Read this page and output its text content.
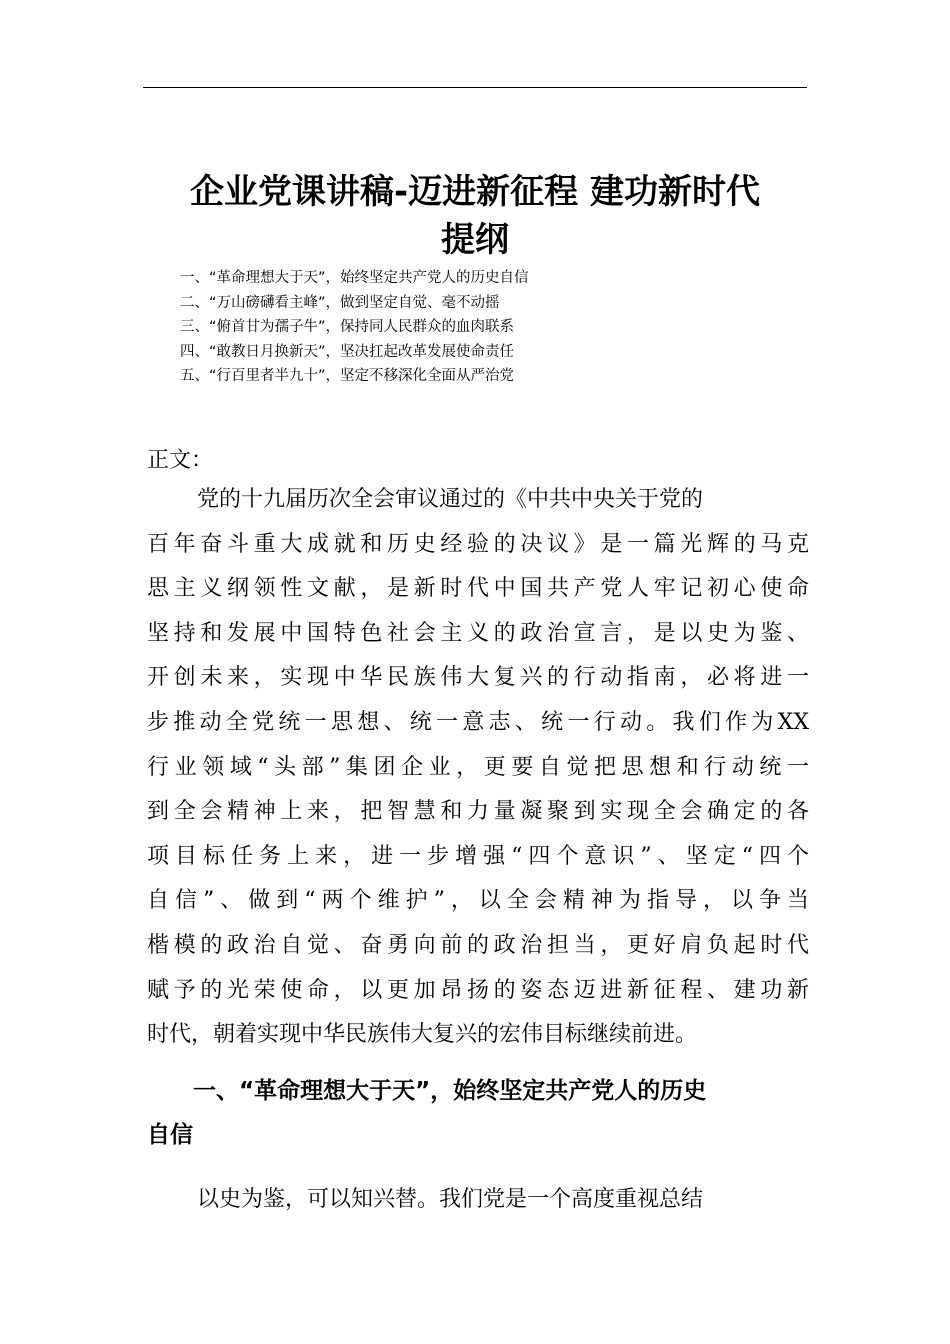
企业党课讲稿-迈进新征程 建功新时代
提纲
一、“革命理想大于天”，始终坚定共产党人的历史自信
二、“万山磅礴看主峰”，做到坚定自觉、毫不动摇
三、“俯首甘为孺子牛”，保持同人民群众的血肉联系
四、“敢教日月换新天”，坚决扛起改革发展使命责任
五、“行百里者半九十”，坚定不移深化全面从严治党
正文：
党的十九届历次全会审议通过的《中共中央关于党的
百年奋斗重大成就和历史经验的决议》是一篇光辉的马克
思主义纲领性文献，是新时代中国共产党人牢记初心使命
坚持和发展中国特色社会主义的政治宣言，是以史为鉴、
开创未来，实现中华民族伟大复兴的行动指南，必将进一
步推动全党统一思想、统一意志、统一行动。我们作为XX
行业领域“头部”集团企业，更要自觉把思想和行动统一
到全会精神上来，把智慧和力量凝聚到实现全会确定的各
项目标任务上来，进一步增强“四个意识”、坚定“四个
自信”、做到“两个维护”，以全会精神为指导，以争当
楷模的政治自觉、奋勇向前的政治担当，更好肩负起时代
赋予的光荣使命，以更加昂扬的姿态迈进新征程、建功新
时代，朝着实现中华民族伟大复兴的宏伟目标继续前进。
一、“革命理想大于天”，始终坚定共产党人的历史
自信
以史为鉴，可以知兴替。我们党是一个高度重视总结
